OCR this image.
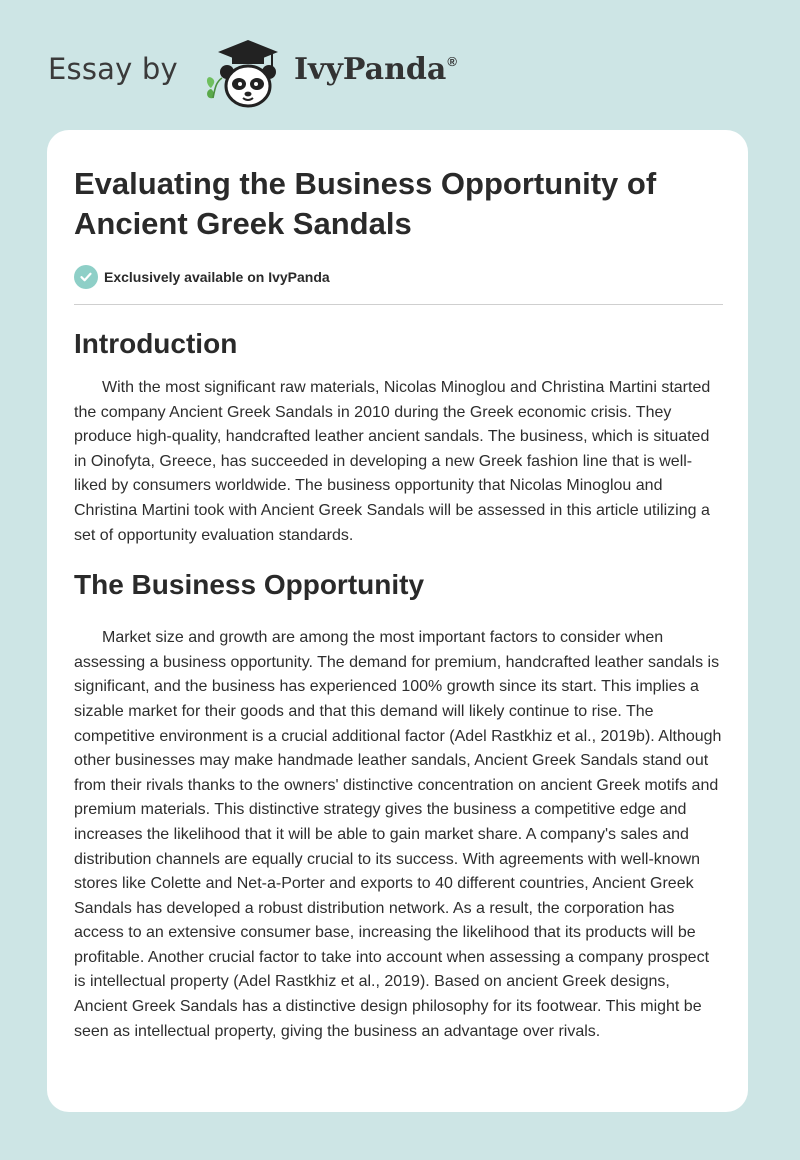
Essay by	IvyPanda®
Evaluating the Business Opportunity of Ancient Greek Sandals
Exclusively available on IvyPanda
Introduction

With the most significant raw materials, Nicolas Minoglou and Christina Martini started the company Ancient Greek Sandals in 2010 during the Greek economic crisis. They produce high-quality, handcrafted leather ancient sandals. The business, which is situated in Oinofyta, Greece, has succeeded in developing a new Greek fashion line that is well-liked by consumers worldwide. The business opportunity that Nicolas Minoglou and Christina Martini took with Ancient Greek Sandals will be assessed in this article utilizing a set of opportunity evaluation standards.

The Business Opportunity

Market size and growth are among the most important factors to consider when assessing a business opportunity. The demand for premium, handcrafted leather sandals is significant, and the business has experienced 100% growth since its start. This implies a sizable market for their goods and that this demand will likely continue to rise. The competitive environment is a crucial additional factor (Adel Rastkhiz et al., 2019b). Although other businesses may make handmade leather sandals, Ancient Greek Sandals stand out from their rivals thanks to the owners' distinctive concentration on ancient Greek motifs and premium materials. This distinctive strategy gives the business a competitive edge and increases the likelihood that it will be able to gain market share. A company's sales and distribution channels are equally crucial to its success. With agreements with well-known stores like Colette and Net-a-Porter and exports to 40 different countries, Ancient Greek Sandals has developed a robust distribution network. As a result, the corporation has access to an extensive consumer base, increasing the likelihood that its products will be profitable. Another crucial factor to take into account when assessing a company prospect is intellectual property (Adel Rastkhiz et al., 2019). Based on ancient Greek designs, Ancient Greek Sandals has a distinctive design philosophy for its footwear. This might be seen as intellectual property, giving the business an advantage over rivals.
